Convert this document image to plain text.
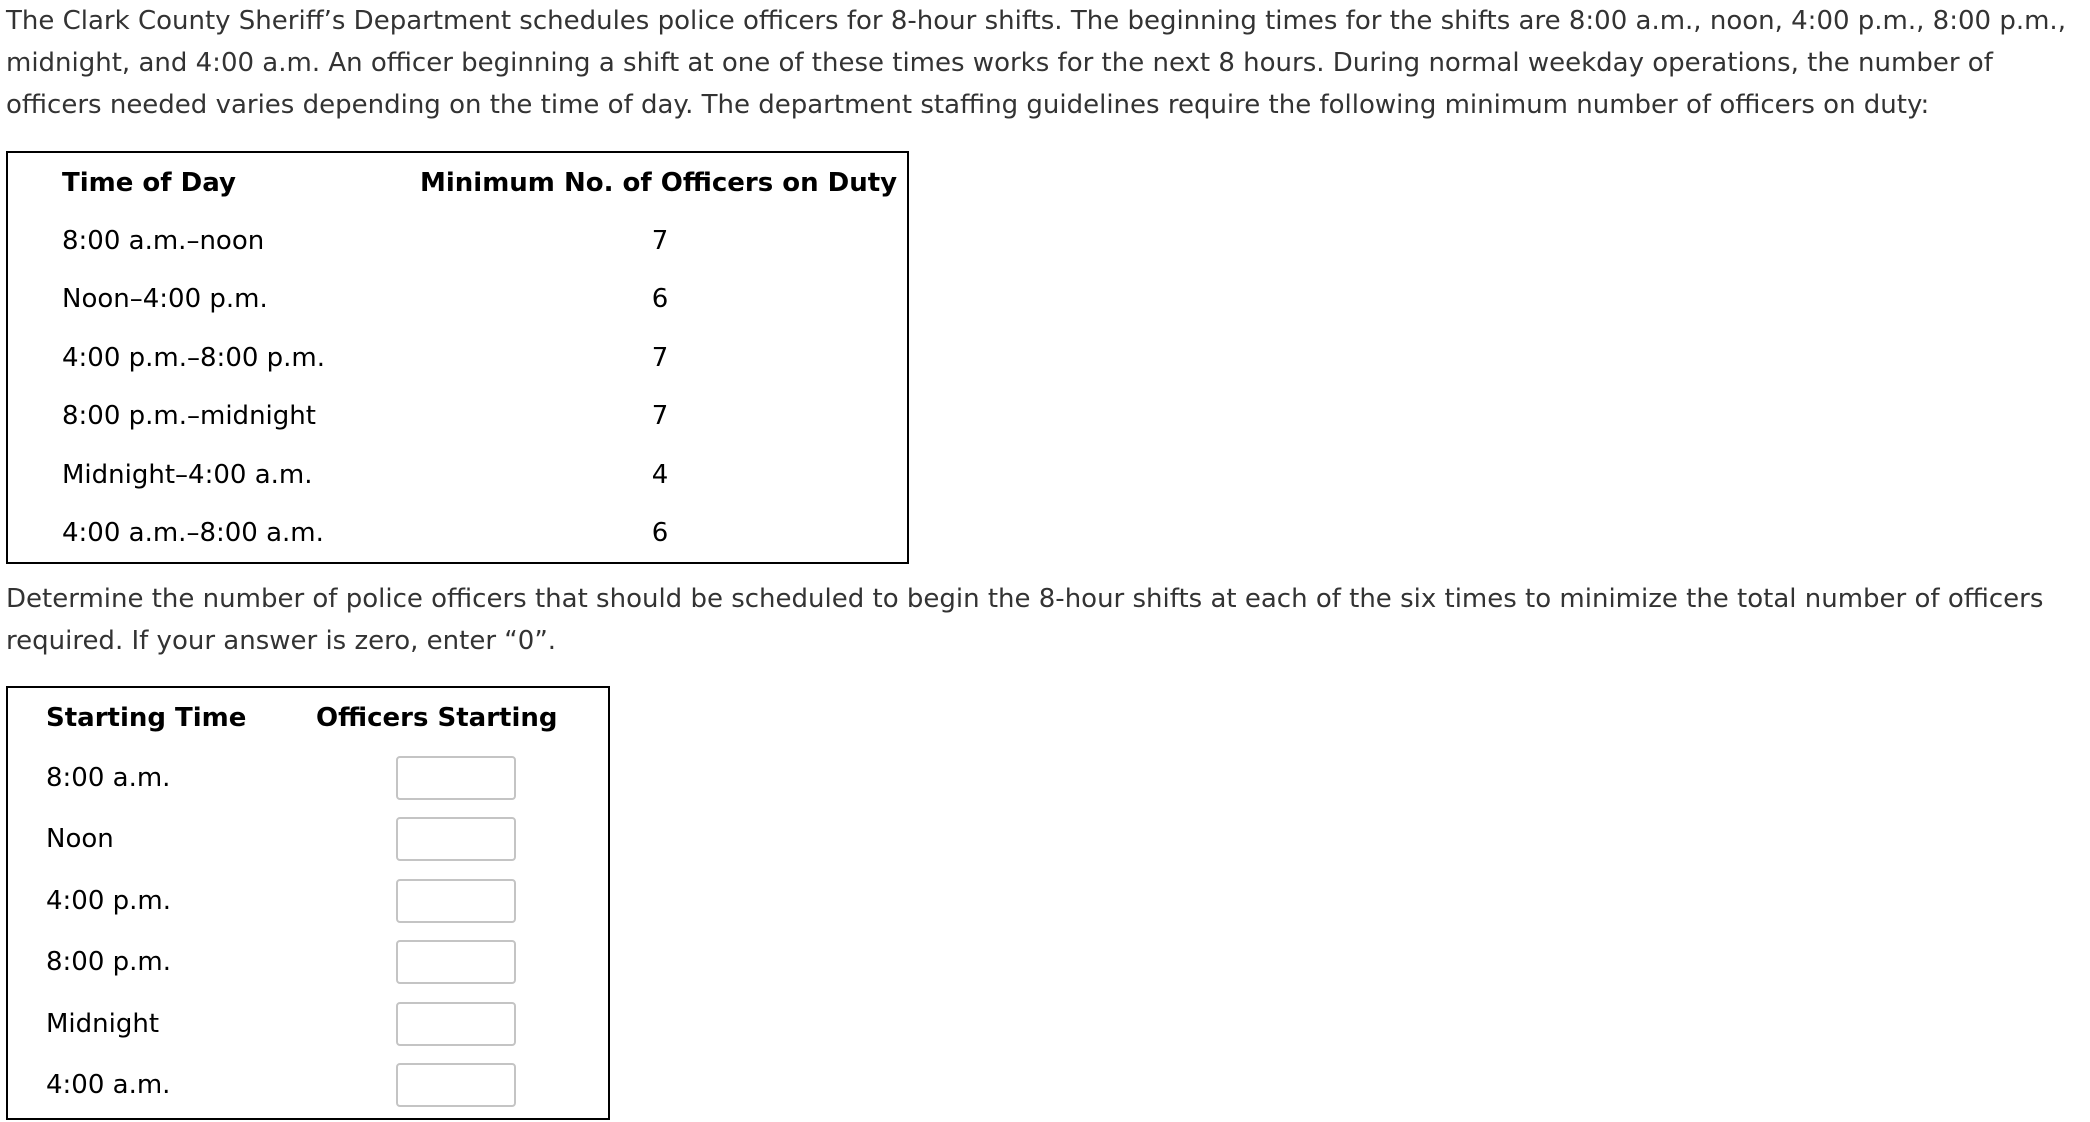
The Clark County Sheriff’s Department schedules police officers for 8-hour shifts. The beginning times for the shifts are 8:00 a.m., noon, 4:00 p.m., 8:00 p.m., midnight, and 4:00 a.m. An officer beginning a shift at one of these times works for the next 8 hours. During normal weekday operations, the number of officers needed varies depending on the time of day. The department staffing guidelines require the following minimum number of officers on duty:

Time of Day	Minimum No. of Officers on Duty
8:00 a.m.–noon	7
Noon–4:00 p.m.	6
4:00 p.m.–8:00 p.m.	7
8:00 p.m.–midnight	7
Midnight–4:00 a.m.	4
4:00 a.m.–8:00 a.m.	6

Determine the number of police officers that should be scheduled to begin the 8-hour shifts at each of the six times to minimize the total number of officers required. If your answer is zero, enter “0”.

Starting Time	Officers Starting
8:00 a.m.
Noon
4:00 p.m.
8:00 p.m.
Midnight
4:00 a.m.
